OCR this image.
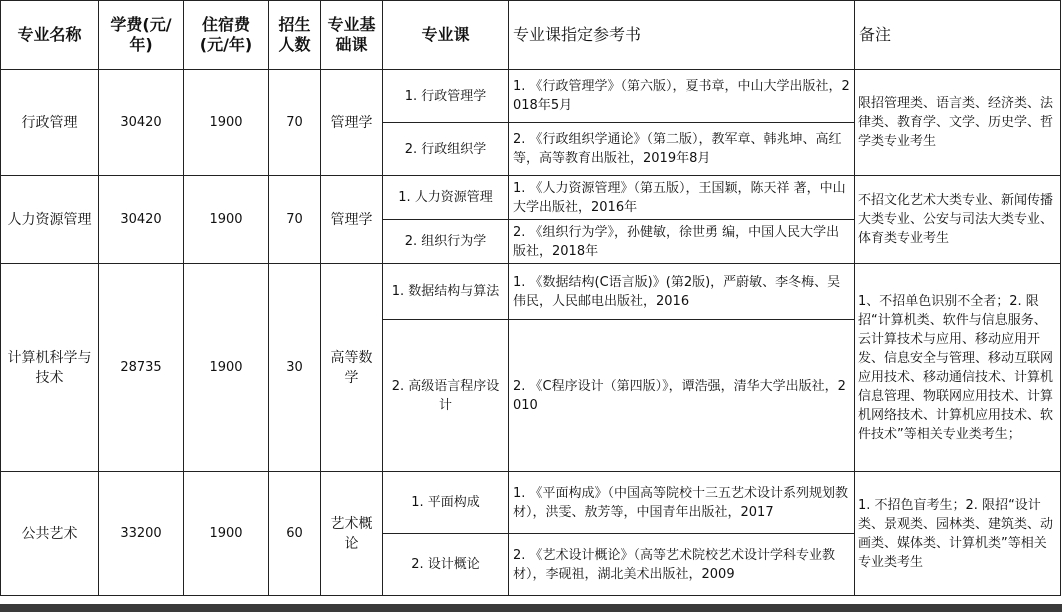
专业名称	学费(元/年)	住宿费(元/年)	招生人数	专业基础课	专业课	专业课指定参考书	备注
行政管理	30420	1900	70	管理学	1. 行政管理学	1. 《行政管理学》（第六版），夏书章，中山大学出版社，2018年5月	限招管理类、语言类、经济类、法律类、教育学、文学、历史学、哲学类专业考生
					2. 行政组织学	2. 《行政组织学通论》（第二版），教军章、韩兆坤、高红等，高等教育出版社，2019年8月	
人力资源管理	30420	1900	70	管理学	1. 人力资源管理	1. 《人力资源管理》（第五版），王国颖，陈天祥 著，中山大学出版社，2016年	不招文化艺术大类专业、新闻传播大类专业、公安与司法大类专业、体育类专业考生
					2. 组织行为学	2. 《组织行为学》，孙健敏，徐世勇 编，中国人民大学出版社，2018年	
计算机科学与技术	28735	1900	30	高等数学	1. 数据结构与算法	1. 《数据结构(C语言版)》(第2版)，严蔚敏、李冬梅、吴伟民，人民邮电出版社，2016	1、不招单色识别不全者；2. 限招“计算机类、软件与信息服务、云计算技术与应用、移动应用开发、信息安全与管理、移动互联网应用技术、移动通信技术、计算机信息管理、物联网应用技术、计算机网络技术、计算机应用技术、软件技术”等相关专业类考生；
					2. 高级语言程序设计	2. 《C程序设计（第四版）》，谭浩强，清华大学出版社，2010	
公共艺术	33200	1900	60	艺术概论	1. 平面构成	1. 《平面构成》（中国高等院校十三五艺术设计系列规划教材），洪雯、敖芳等，中国青年出版社，2017	1. 不招色盲考生；2. 限招“设计类、景观类、园林类、建筑类、动画类、媒体类、计算机类”等相关专业类考生
					2. 设计概论	2. 《艺术设计概论》（高等艺术院校艺术设计学科专业教材），李砚祖，湖北美术出版社，2009	
